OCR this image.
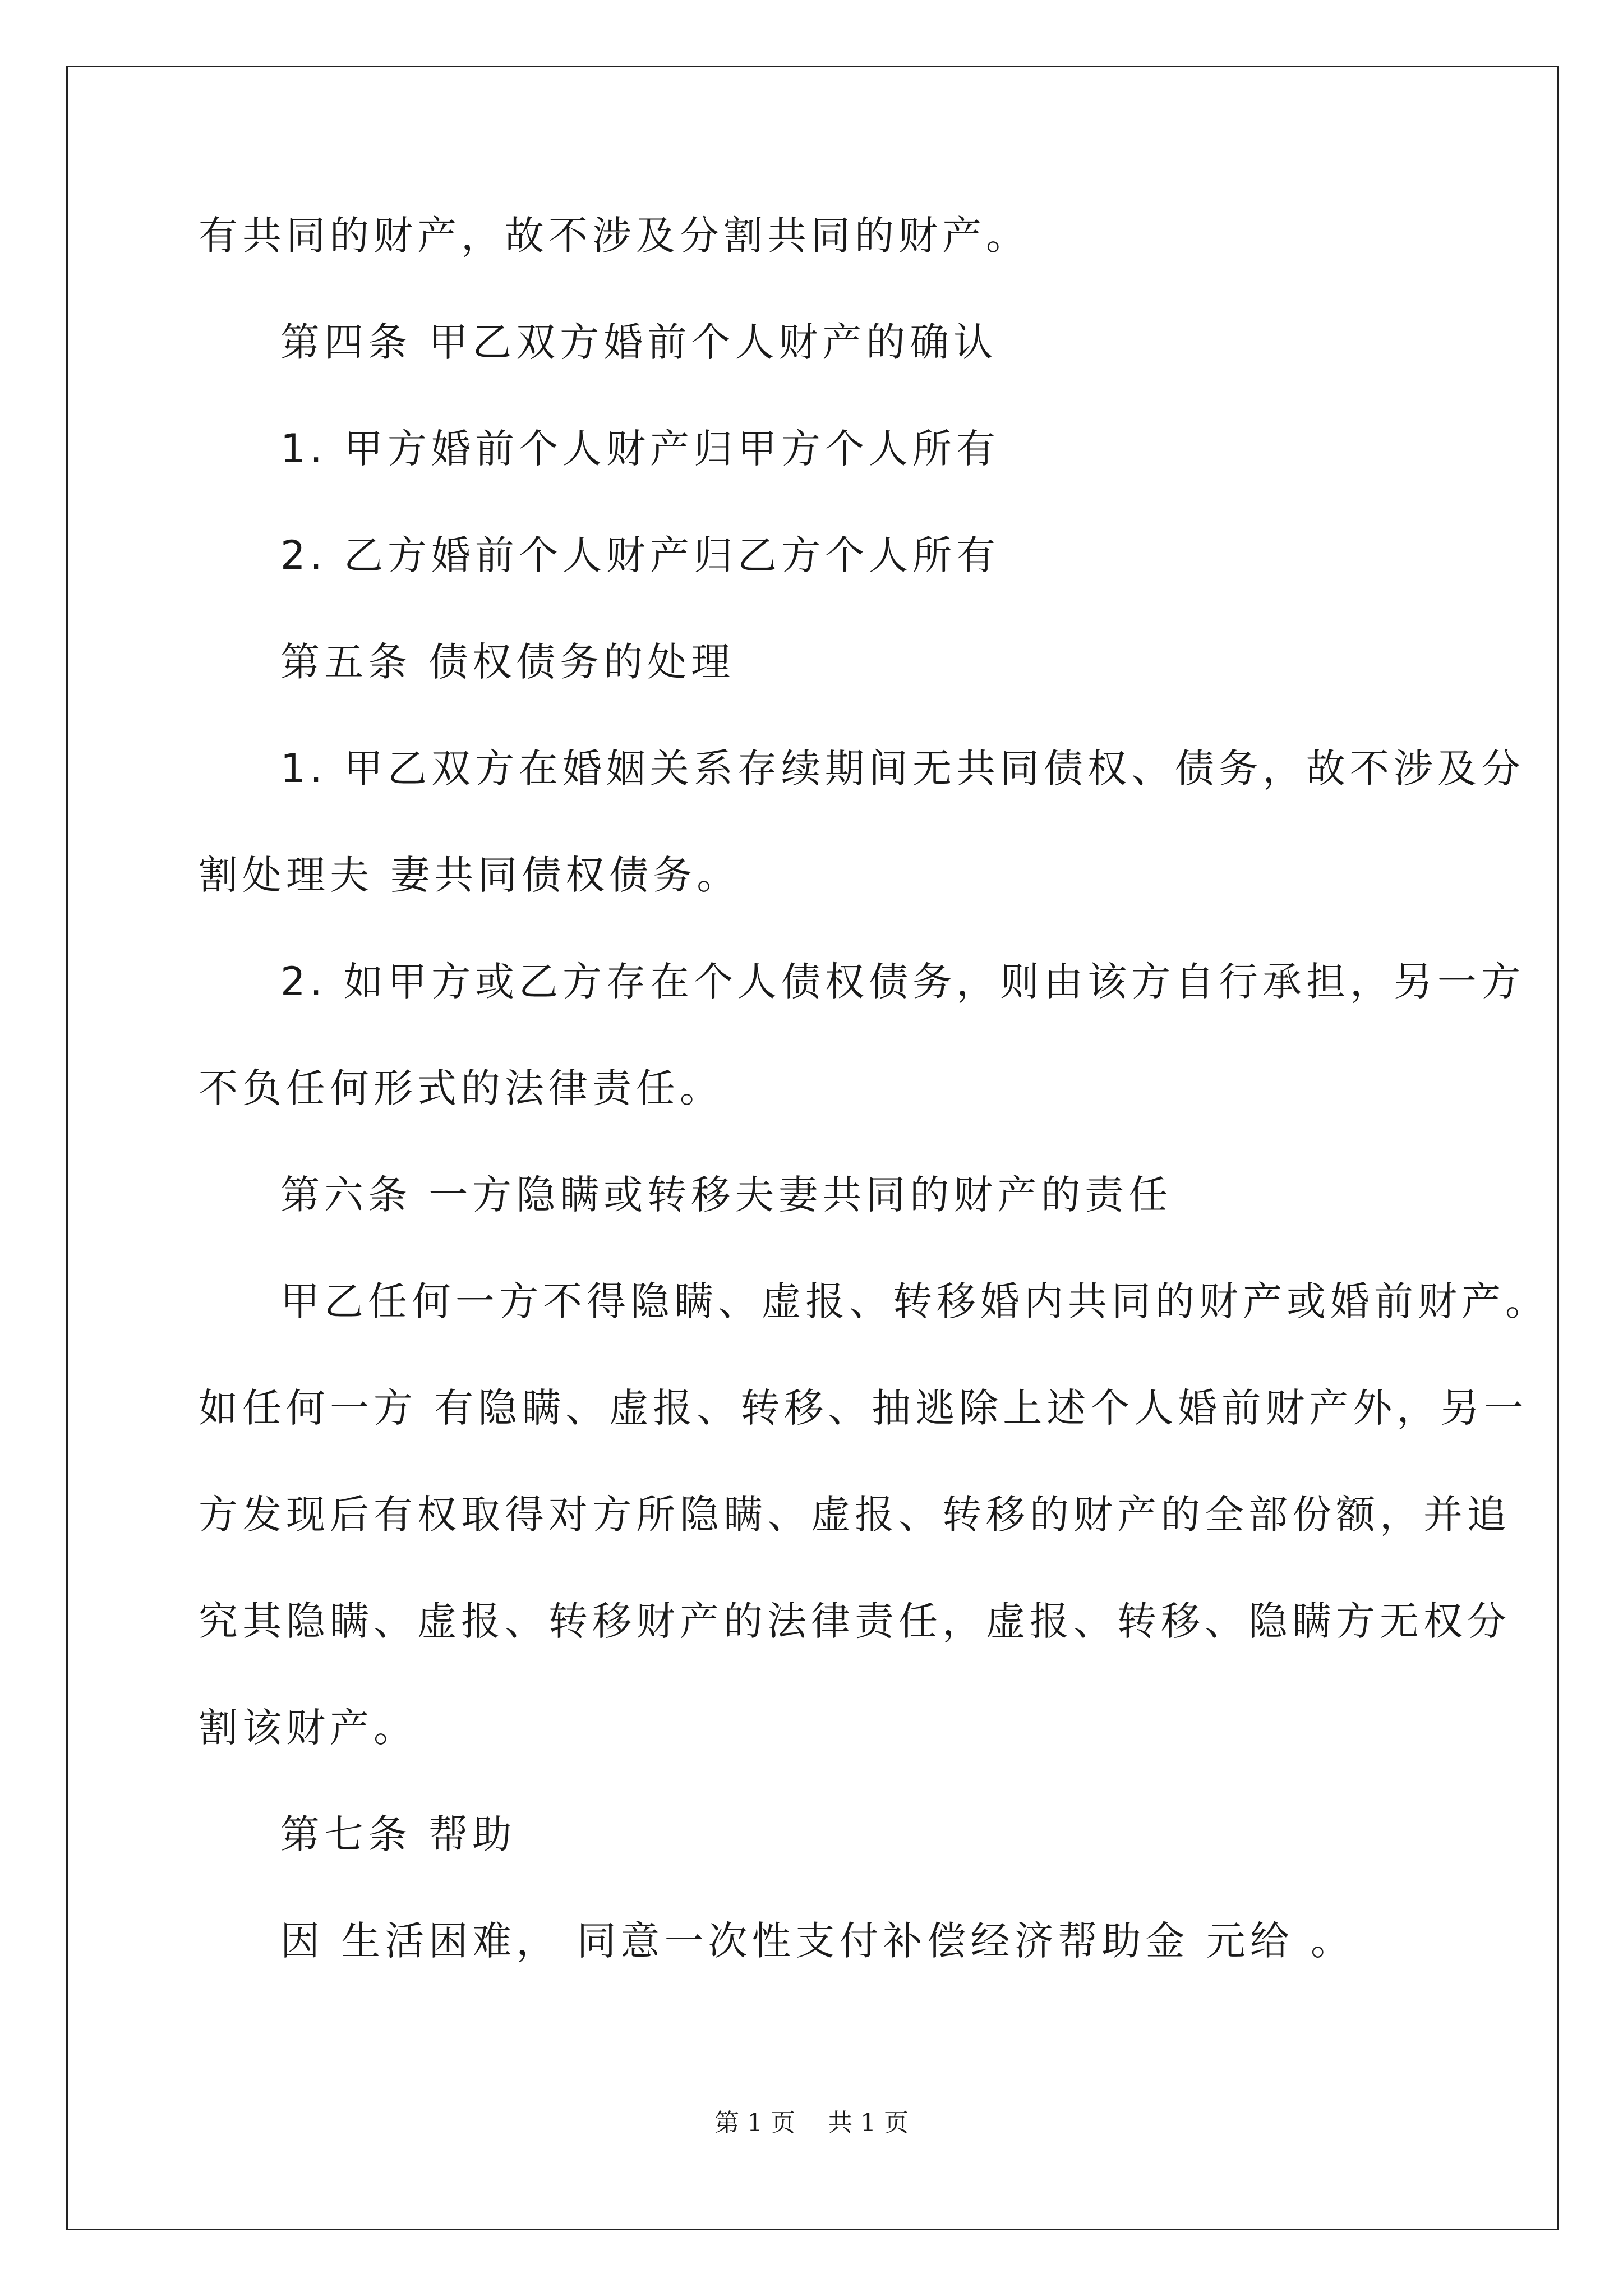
有共同的财产，故不涉及分割共同的财产。
第四条 甲乙双方婚前个人财产的确认
1. 甲方婚前个人财产归甲方个人所有
2. 乙方婚前个人财产归乙方个人所有
第五条 债权债务的处理
1. 甲乙双方在婚姻关系存续期间无共同债权、债务，故不涉及分
割处理夫 妻共同债权债务。
2. 如甲方或乙方存在个人债权债务，则由该方自行承担，另一方
不负任何形式的法律责任。
第六条 一方隐瞒或转移夫妻共同的财产的责任
甲乙任何一方不得隐瞒、虚报、转移婚内共同的财产或婚前财产。
如任何一方 有隐瞒、虚报、转移、抽逃除上述个人婚前财产外，另一
方发现后有权取得对方所隐瞒、虚报、转移的财产的全部份额，并追
究其隐瞒、虚报、转移财产的法律责任，虚报、转移、隐瞒方无权分
割该财产。
第七条 帮助
因 生活困难， 同意一次性支付补偿经济帮助金 元给 。
第 1 页 共 1 页
